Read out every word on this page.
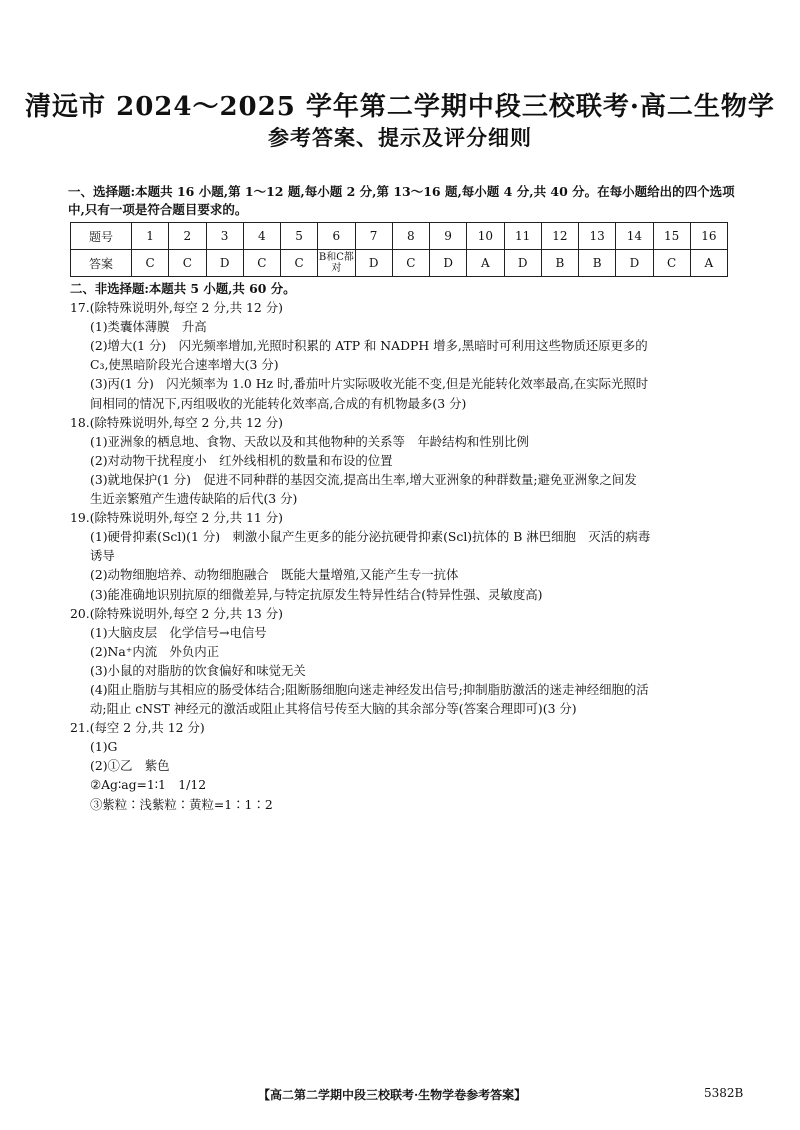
清远市 2024～2025 学年第二学期中段三校联考·高二生物学
参考答案、提示及评分细则
一、选择题:本题共 16 小题,第 1～12 题,每小题 2 分,第 13～16 题,每小题 4 分,共 40 分。在每小题给出的四个选项中,只有一项是符合题目要求的。
题号	1	2	3	4	5	6	7	8	9	10	11	12	13	14	15	16
答案	C	C	D	C	C	B和C都对	D	C	D	A	D	B	B	D	C	A

二、非选择题:本题共 5 小题,共 60 分。

17.(除特殊说明外,每空 2 分,共 12 分)

(1)类囊体薄膜　升高

(2)增大(1 分)　闪光频率增加,光照时积累的 ATP 和 NADPH 增多,黑暗时可利用这些物质还原更多的

C₃,使黑暗阶段光合速率增大(3 分)

(3)丙(1 分)　闪光频率为 1.0 Hz 时,番茄叶片实际吸收光能不变,但是光能转化效率最高,在实际光照时

间相同的情况下,丙组吸收的光能转化效率高,合成的有机物最多(3 分)

18.(除特殊说明外,每空 2 分,共 12 分)

(1)亚洲象的栖息地、食物、天敌以及和其他物种的关系等　年龄结构和性别比例

(2)对动物干扰程度小　红外线相机的数量和布设的位置

(3)就地保护(1 分)　促进不同种群的基因交流,提高出生率,增大亚洲象的种群数量;避免亚洲象之间发

生近亲繁殖产生遗传缺陷的后代(3 分)

19.(除特殊说明外,每空 2 分,共 11 分)

(1)硬骨抑素(Scl)(1 分)　刺激小鼠产生更多的能分泌抗硬骨抑素(Scl)抗体的 B 淋巴细胞　灭活的病毒

诱导

(2)动物细胞培养、动物细胞融合　既能大量增殖,又能产生专一抗体

(3)能准确地识别抗原的细微差异,与特定抗原发生特异性结合(特异性强、灵敏度高)

20.(除特殊说明外,每空 2 分,共 13 分)

(1)大脑皮层　化学信号→电信号

(2)Na⁺内流　外负内正

(3)小鼠的对脂肪的饮食偏好和味觉无关

(4)阻止脂肪与其相应的肠受体结合;阻断肠细胞向迷走神经发出信号;抑制脂肪激活的迷走神经细胞的活

动;阻止 cNST 神经元的激活或阻止其将信号传至大脑的其余部分等(答案合理即可)(3 分)

21.(每空 2 分,共 12 分)

(1)G

(2)①乙　紫色

②Ag∶ag=1∶1　1/12

③紫粒∶浅紫粒∶黄粒=1∶1∶2

【高二第二学期中段三校联考·生物学卷参考答案】	5382B
